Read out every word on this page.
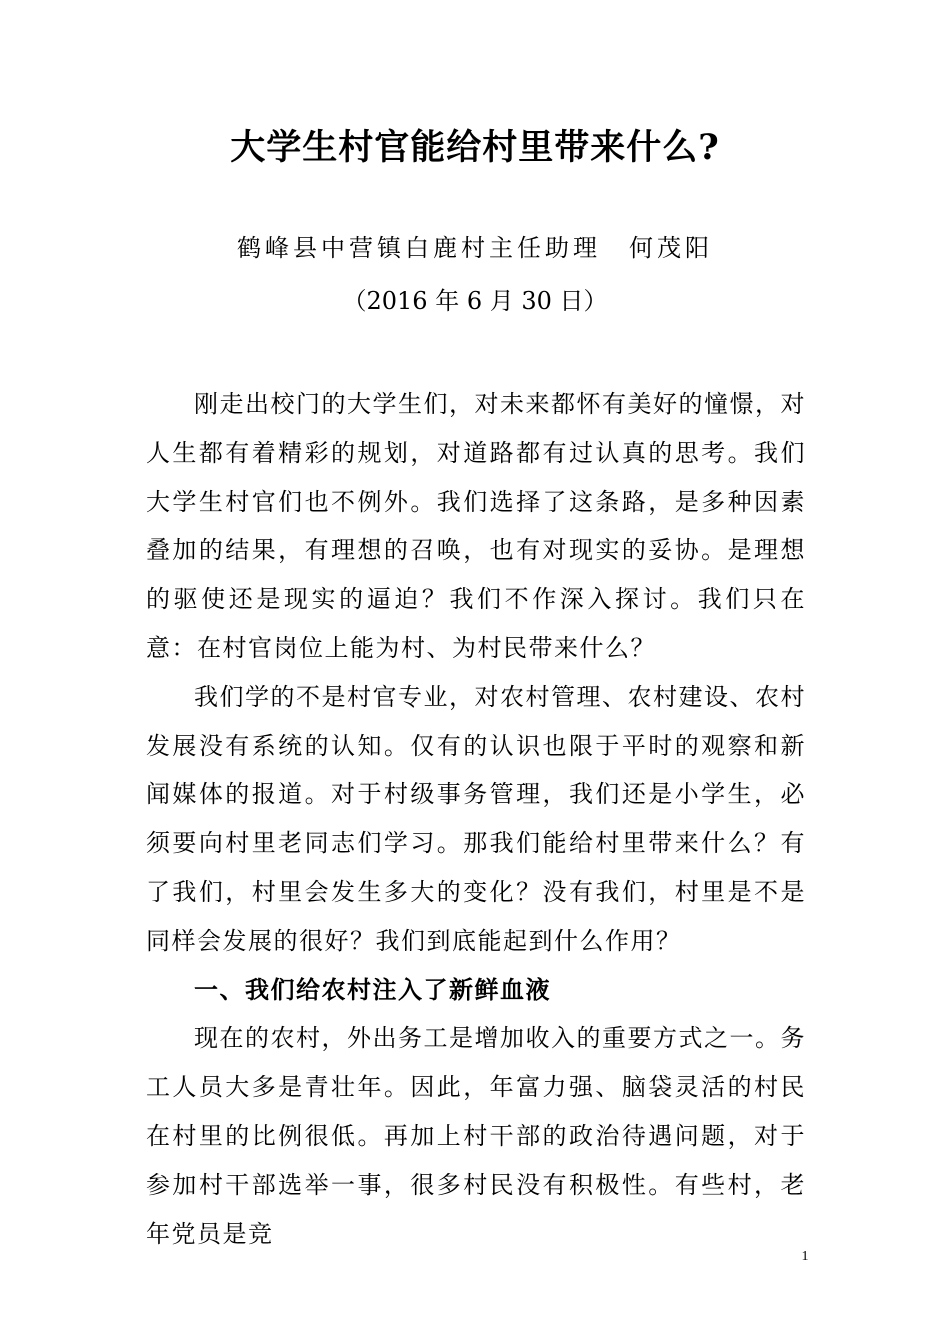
大学生村官能给村里带来什么?
鹤峰县中营镇白鹿村主任助理　何茂阳
（2016 年 6 月 30 日）

刚走出校门的大学生们，对未来都怀有美好的憧憬，对人生都有着精彩的规划，对道路都有过认真的思考。我们大学生村官们也不例外。我们选择了这条路，是多种因素叠加的结果，有理想的召唤，也有对现实的妥协。是理想的驱使还是现实的逼迫？我们不作深入探讨。我们只在意：在村官岗位上能为村、为村民带来什么？

我们学的不是村官专业，对农村管理、农村建设、农村发展没有系统的认知。仅有的认识也限于平时的观察和新闻媒体的报道。对于村级事务管理，我们还是小学生，必须要向村里老同志们学习。那我们能给村里带来什么？有了我们，村里会发生多大的变化？没有我们，村里是不是同样会发展的很好？我们到底能起到什么作用？

一、我们给农村注入了新鲜血液

现在的农村，外出务工是增加收入的重要方式之一。务工人员大多是青壮年。因此，年富力强、脑袋灵活的村民在村里的比例很低。再加上村干部的政治待遇问题，对于参加村干部选举一事，很多村民没有积极性。有些村，老年党员是竞

1
